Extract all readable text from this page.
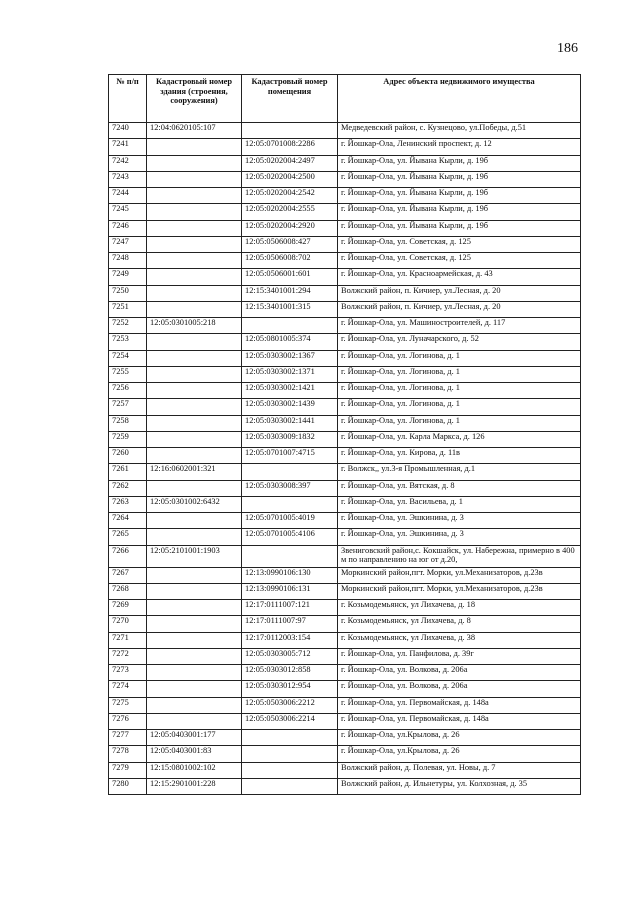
186
№ п/п	Кадастровый номер здания (строения, сооружения)	Кадастровый номер помещения	Адрес объекта недвижимого имущества
7240	12:04:0620105:107		Медведевский район, с. Кузнецово, ул.Победы, д.51
7241		12:05:0701008:2286	г. Йошкар-Ола, Ленинский проспект, д. 12
7242		12:05:0202004:2497	г. Йошкар-Ола, ул. Йывана Кырли, д. 19б
7243		12:05:0202004:2500	г. Йошкар-Ола, ул. Йывана Кырли, д. 19б
7244		12:05:0202004:2542	г. Йошкар-Ола, ул. Йывана Кырли, д. 19б
7245		12:05:0202004:2555	г. Йошкар-Ола, ул. Йывана Кырли, д. 19б
7246		12:05:0202004:2920	г. Йошкар-Ола, ул. Йывана Кырли, д. 19б
7247		12:05:0506008:427	г. Йошкар-Ола, ул. Советская, д. 125
7248		12:05:0506008:702	г. Йошкар-Ола, ул. Советская, д. 125
7249		12:05:0506001:601	г. Йошкар-Ола, ул. Красноармейская, д. 43
7250		12:15:3401001:294	Волжский район, п. Кичиер, ул.Лесная, д. 20
7251		12:15:3401001:315	Волжский район, п. Кичиер, ул.Лесная, д. 20
7252	12:05:0301005:218		г. Йошкар-Ола, ул. Машиностроителей, д. 117
7253		12:05:0801005:374	г. Йошкар-Ола, ул. Луначарского, д. 52
7254		12:05:0303002:1367	г. Йошкар-Ола, ул. Логинова, д. 1
7255		12:05:0303002:1371	г. Йошкар-Ола, ул. Логинова, д. 1
7256		12:05:0303002:1421	г. Йошкар-Ола, ул. Логинова, д. 1
7257		12:05:0303002:1439	г. Йошкар-Ола, ул. Логинова, д. 1
7258		12:05:0303002:1441	г. Йошкар-Ола, ул. Логинова, д. 1
7259		12:05:0303009:1832	г. Йошкар-Ола, ул. Карла Маркса, д. 126
7260		12:05:0701007:4715	г. Йошкар-Ола, ул. Кирова, д. 11в
7261	12:16:0602001:321		г. Волжск,, ул.3-я Промышленная, д.1
7262		12:05:0303008:397	г. Йошкар-Ола, ул. Вятская, д. 8
7263	12:05:0301002:6432		г. Йошкар-Ола, ул. Васильева, д. 1
7264		12:05:0701005:4019	г. Йошкар-Ола, ул. Эшкинина, д. 3
7265		12:05:0701005:4106	г. Йошкар-Ола, ул. Эшкинина, д. 3
7266	12:05:2101001:1903		Звениговский район,с. Кокшайск, ул. Набережна, примерно в 400 м по направлению на юг от д.20,
7267		12:13:0990106:130	Моркинский район,пгт. Морки, ул.Механизаторов, д.23в
7268		12:13:0990106:131	Моркинский район,пгт. Морки, ул.Механизаторов, д.23в
7269		12:17:0111007:121	г. Козьмодемьянск, ул Лихачева, д. 18
7270		12:17:0111007:97	г. Козьмодемьянск, ул Лихачева, д. 8
7271		12:17:0112003:154	г. Козьмодемьянск, ул Лихачева, д. 38
7272		12:05:0303005:712	г. Йошкар-Ола, ул. Панфилова, д. 39г
7273		12:05:0303012:858	г. Йошкар-Ола, ул. Волкова, д. 206а
7274		12:05:0303012:954	г. Йошкар-Ола, ул. Волкова, д. 206а
7275		12:05:0503006:2212	г. Йошкар-Ола, ул. Первомайская, д. 148а
7276		12:05:0503006:2214	г. Йошкар-Ола, ул. Первомайская, д. 148а
7277	12:05:0403001:177		г. Йошкар-Ола, ул.Крылова, д. 26
7278	12:05:0403001:83		г. Йошкар-Ола, ул.Крылова, д. 26
7279	12:15:0801002:102		Волжский район, д. Полевая, ул. Новы, д. 7
7280	12:15:2901001:228		Волжский район, д. Ильнетуры, ул. Колхозная, д. 35
